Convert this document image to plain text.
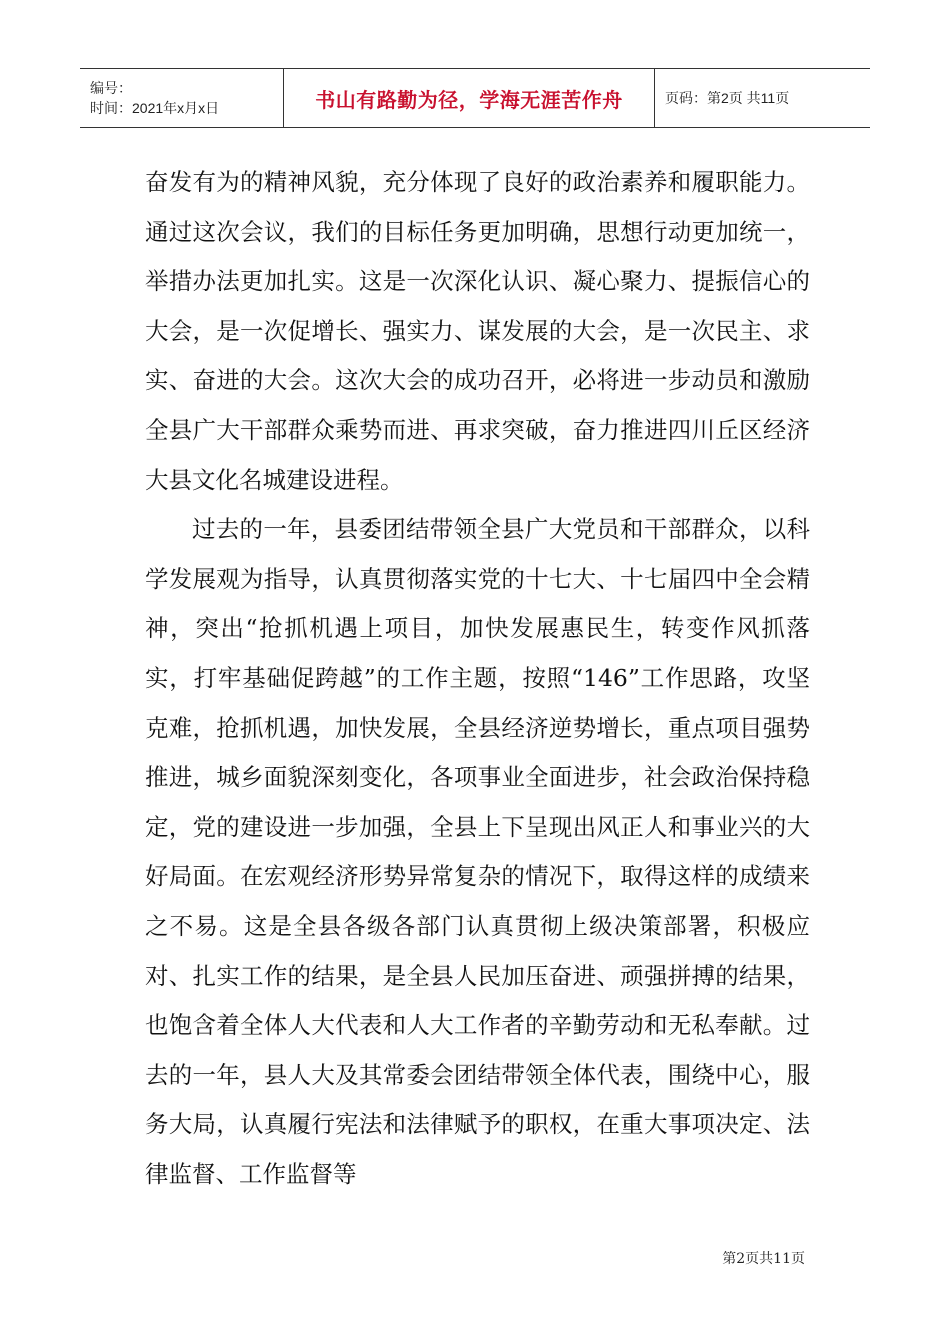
编号：
时间：2021年x月x日	书山有路勤为径，学海无涯苦作舟	页码：第2页 共11页

奋发有为的精神风貌，充分体现了良好的政治素养和履职能力。通过这次会议，我们的目标任务更加明确，思想行动更加统一，举措办法更加扎实。这是一次深化认识、凝心聚力、提振信心的大会，是一次促增长、强实力、谋发展的大会，是一次民主、求实、奋进的大会。这次大会的成功召开，必将进一步动员和激励全县广大干部群众乘势而进、再求突破，奋力推进四川丘区经济大县文化名城建设进程。

过去的一年，县委团结带领全县广大党员和干部群众，以科学发展观为指导，认真贯彻落实党的十七大、十七届四中全会精神，突出“抢抓机遇上项目，加快发展惠民生，转变作风抓落实，打牢基础促跨越”的工作主题，按照“146”工作思路，攻坚克难，抢抓机遇，加快发展，全县经济逆势增长，重点项目强势推进，城乡面貌深刻变化，各项事业全面进步，社会政治保持稳定，党的建设进一步加强，全县上下呈现出风正人和事业兴的大好局面。在宏观经济形势异常复杂的情况下，取得这样的成绩来之不易。这是全县各级各部门认真贯彻上级决策部署，积极应对、扎实工作的结果，是全县人民加压奋进、顽强拼搏的结果，也饱含着全体人大代表和人大工作者的辛勤劳动和无私奉献。过去的一年，县人大及其常委会团结带领全体代表，围绕中心，服务大局，认真履行宪法和法律赋予的职权，在重大事项决定、法律监督、工作监督等

第2页共11页
